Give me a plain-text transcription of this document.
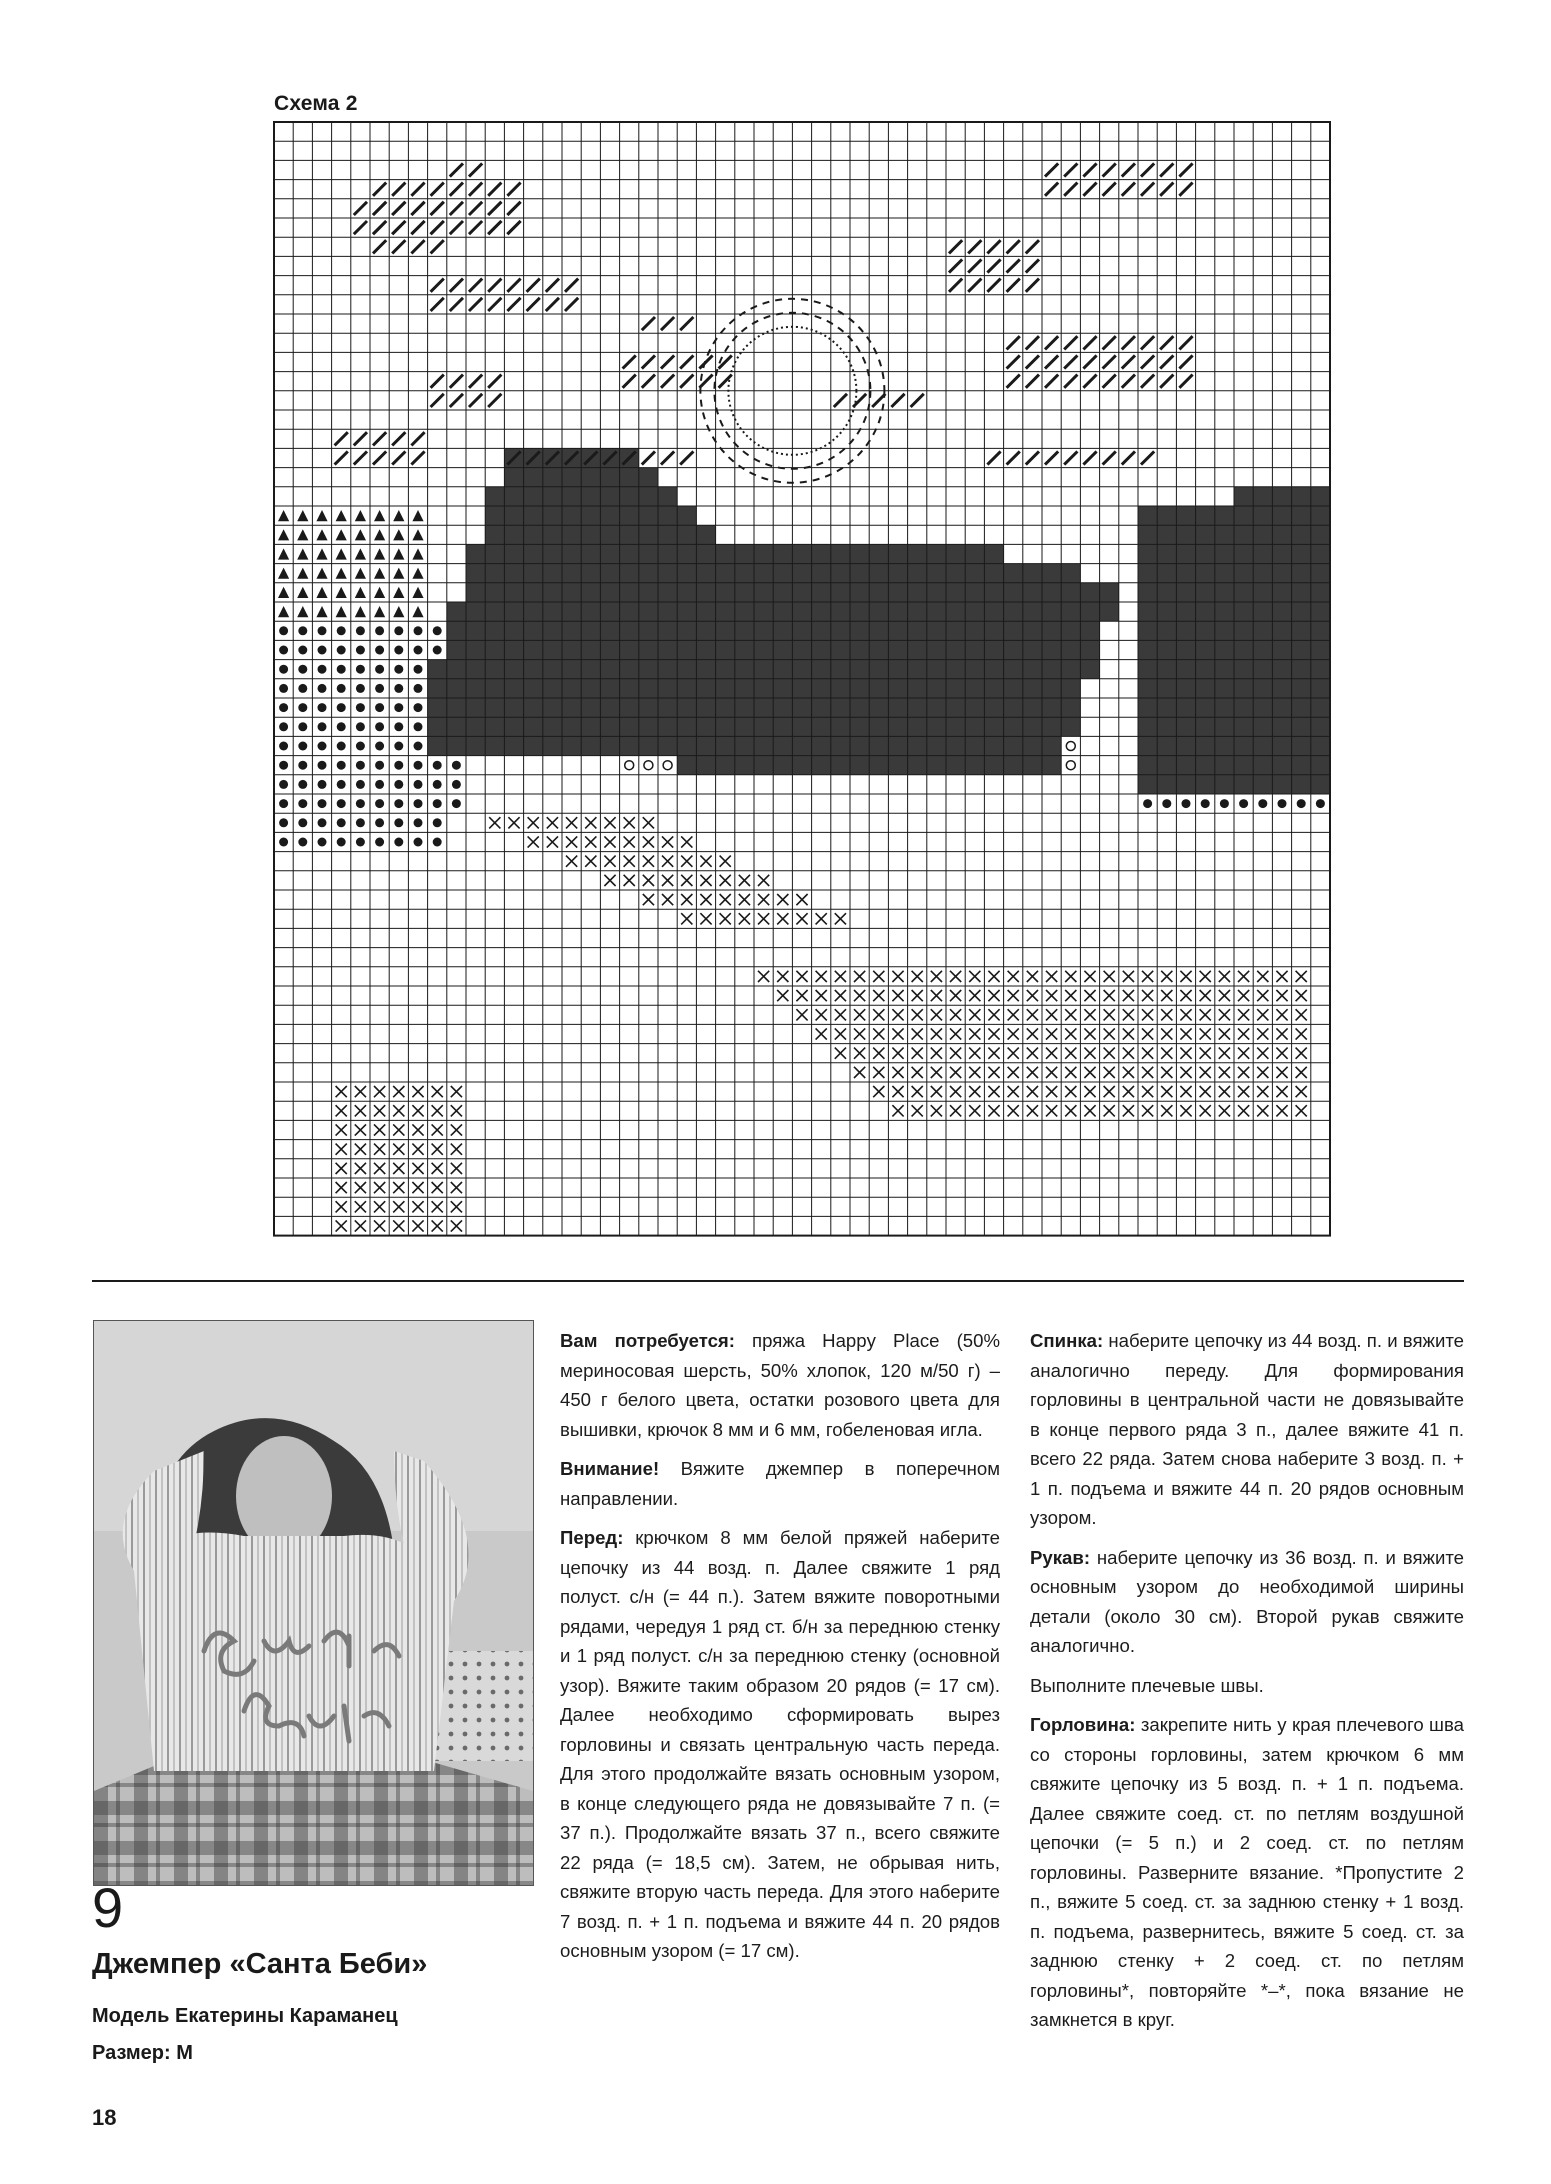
Схема 2
9
Джемпер «Санта Беби»
Модель Екатерины Караманец
Размер: M

Вам потребуется: пряжа Happy Place (50% мериносовая шерсть, 50% хлопок, 120 м/50 г) – 450 г белого цвета, остатки розового цвета для вышивки, крючок 8 мм и 6 мм, гобеленовая игла.

Внимание! Вяжите джемпер в поперечном направлении.

Перед: крючком 8 мм белой пряжей наберите цепочку из 44 возд. п. Далее свяжите 1 ряд полуст. с/н (= 44 п.). Затем вяжите поворотными рядами, чередуя 1 ряд ст. б/н за переднюю стенку и 1 ряд полуст. с/н за переднюю стенку (основной узор). Вяжите таким образом 20 рядов (= 17 см). Далее необходимо сформировать вырез горловины и связать центральную часть переда. Для этого продолжайте вязать основным узором, в конце следующего ряда не довязывайте 7 п. (= 37 п.). Продолжайте вязать 37 п., всего свяжите 22 ряда (= 18,5 см). Затем, не обрывая нить, свяжите вторую часть переда. Для этого наберите 7 возд. п. + 1 п. подъема и вяжите 44 п. 20 рядов основным узором (= 17 см).

Спинка: наберите цепочку из 44 возд. п. и вяжите аналогично переду. Для формирования горловины в центральной части не довязывайте в конце первого ряда 3 п., далее вяжите 41 п. всего 22 ряда. Затем снова наберите 3 возд. п. + 1 п. подъема и вяжите 44 п. 20 рядов основным узором.

Рукав: наберите цепочку из 36 возд. п. и вяжите основным узором до необходимой ширины детали (около 30 см). Второй рукав свяжите аналогично.

Выполните плечевые швы.

Горловина: закрепите нить у края плечевого шва со стороны горловины, затем крючком 6 мм свяжите цепочку из 5 возд. п. + 1 п. подъема. Далее свяжите соед. ст. по петлям воздушной цепочки (= 5 п.) и 2 соед. ст. по петлям горловины. Разверните вязание. *Пропустите 2 п., вяжите 5 соед. ст. за заднюю стенку + 1 возд. п. подъема, развернитесь, вяжите 5 соед. ст. за заднюю стенку + 2 соед. ст. по петлям горловины*, повторяйте *–*, пока вязание не замкнется в круг.

18
